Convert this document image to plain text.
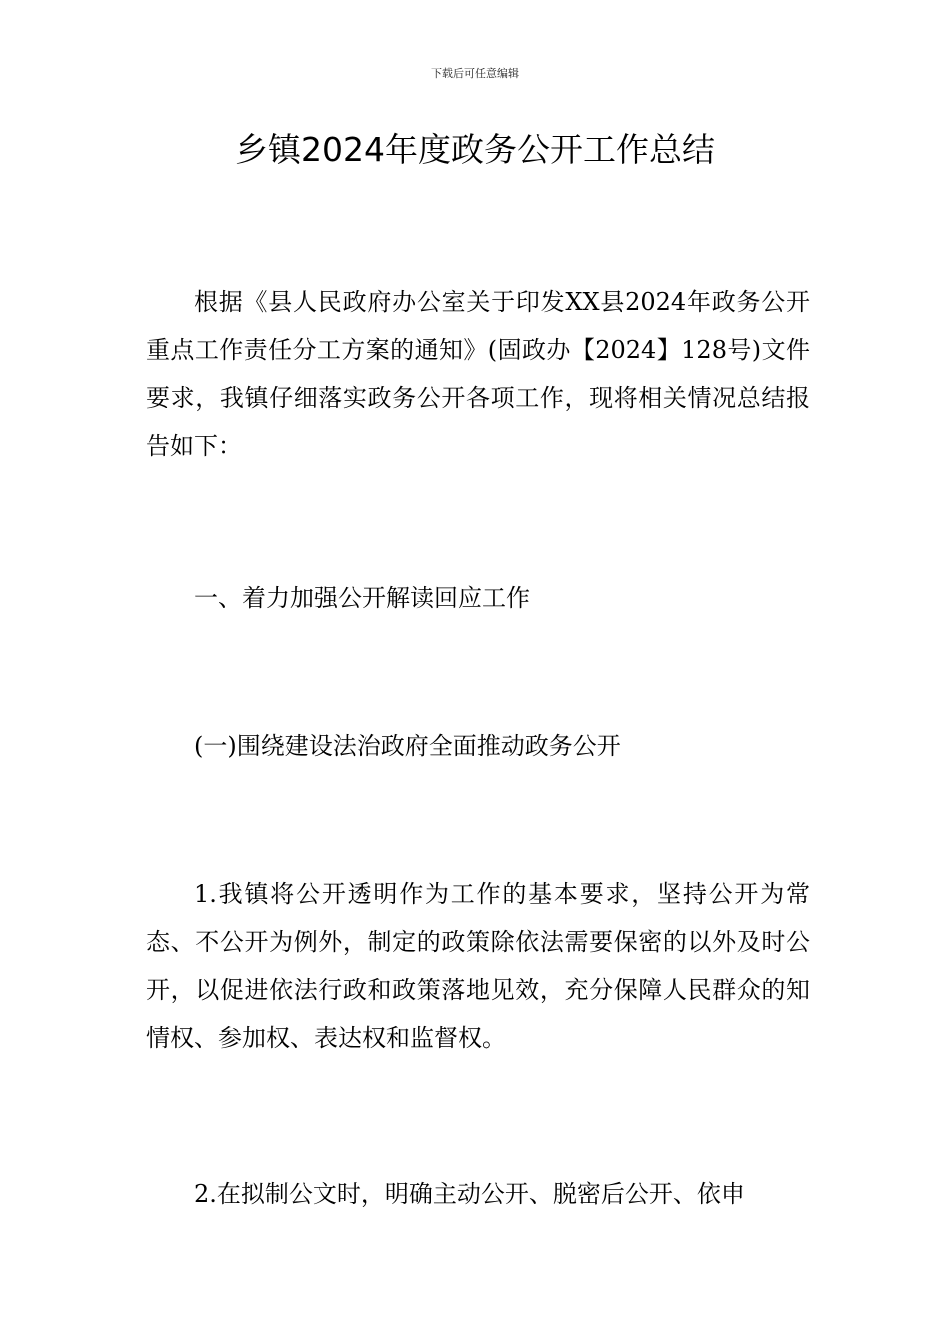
下载后可任意编辑
乡镇2024年度政务公开工作总结

根据《县人民政府办公室关于印发XX县2024年政务公开重点工作责任分工方案的通知》(固政办【2024】128号)文件要求，我镇仔细落实政务公开各项工作，现将相关情况总结报告如下：

一、着力加强公开解读回应工作

(一)围绕建设法治政府全面推动政务公开

1.我镇将公开透明作为工作的基本要求，坚持公开为常态、不公开为例外，制定的政策除依法需要保密的以外及时公开，以促进依法行政和政策落地见效，充分保障人民群众的知情权、参加权、表达权和监督权。

2.在拟制公文时，明确主动公开、脱密后公开、依申
